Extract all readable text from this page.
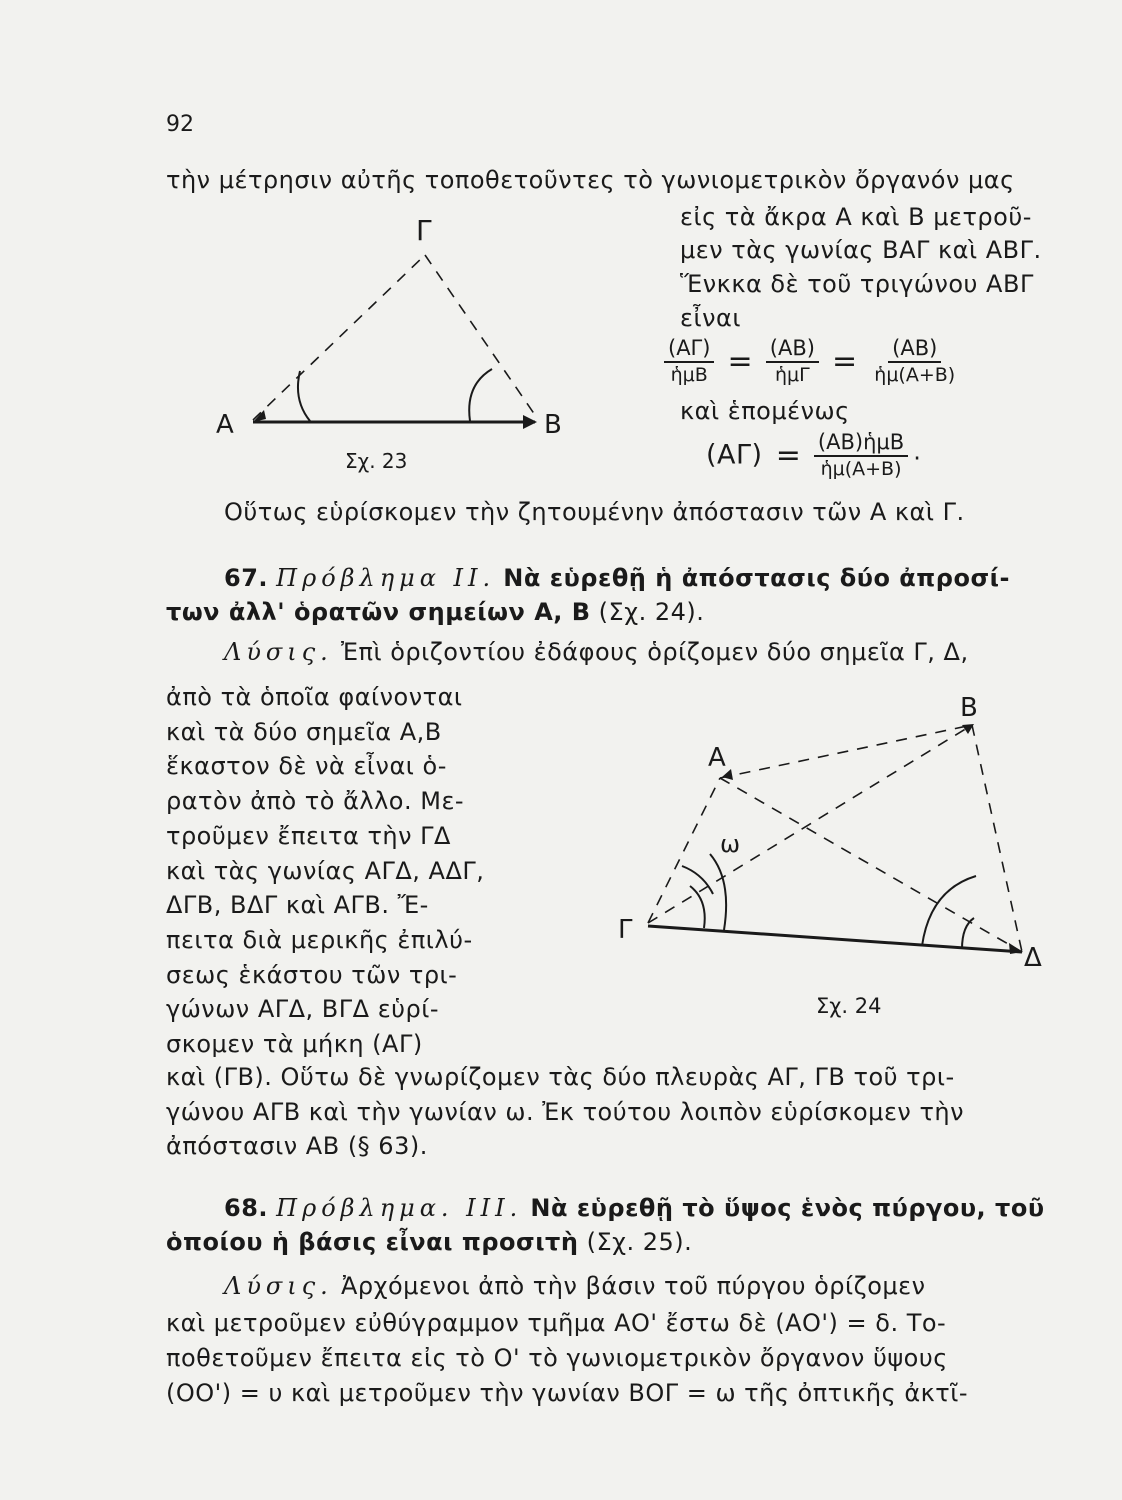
92
τὴν μέτρησιν αὐτῆς τοποθετοῦντες τὸ γωνιομετρικὸν ὄργανόν μας
εἰς τὰ ἄκρα Α καὶ Β μετροῦ-
μεν τὰς γωνίας ΒΑΓ καὶ ΑΒΓ.
Ἕνκκα δὲ τοῦ τριγώνου ΑΒΓ
εἶναι
$\frac{(A\Gamma)}{\text{ἡμΒ}} = \frac{(AB)}{\text{ἡμΓ}} = \frac{(AB)}{\text{ἡμ(Α+Β)}}$
καὶ ἑπομένως
$(A\Gamma) = \frac{\text{(ΑΒ)ἡμΒ}}{\text{ἡμ(Α+Β)}}$ .
Γ
Α	Β
Σχ. 23
Οὕτως εὑρίσκομεν τὴν ζητουμένην ἀπόστασιν τῶν Α καὶ Γ.
67. Πρόβλημα ΙΙ. Νὰ εὑρεθῇ ἡ ἀπόστασις δύο ἀπροσί-
των ἀλλ' ὁρατῶν σημείων Α, Β (Σχ. 24).
Λύσις. Ἐπὶ ὁριζοντίου ἐδάφους ὁρίζομεν δύο σημεῖα Γ, Δ,
ἀπὸ τὰ ὁποῖα φαίνονται
καὶ τὰ δύο σημεῖα Α,Β
ἕκαστον δὲ νὰ εἶναι ὁ-
ρατὸν ἀπὸ τὸ ἄλλο. Με-
τροῦμεν ἔπειτα τὴν ΓΔ
καὶ τὰς γωνίας ΑΓΔ, ΑΔΓ,
ΔΓΒ, ΒΔΓ καὶ ΑΓΒ. Ἔ-
πειτα διὰ μερικῆς ἐπιλύ-
σεως ἑκάστου τῶν τρι-
γώνων ΑΓΔ, ΒΓΔ εὑρί-
σκομεν τὰ μήκη (ΑΓ)
Β
Α
Γ
Δ
ω
Σχ. 24
καὶ (ΓΒ). Οὕτω δὲ γνωρίζομεν τὰς δύο πλευρὰς ΑΓ, ΓΒ τοῦ τρι-
γώνου ΑΓΒ καὶ τὴν γωνίαν ω. Ἐκ τούτου λοιπὸν εὑρίσκομεν τὴν
ἀπόστασιν ΑΒ (§ 63).
68. Πρόβλημα. ΙΙΙ. Νὰ εὑρεθῇ τὸ ὕψος ἑνὸς πύργου, τοῦ
ὁποίου ἡ βάσις εἶναι προσιτὴ (Σχ. 25).
Λύσις. Ἀρχόμενοι ἀπὸ τὴν βάσιν τοῦ πύργου ὁρίζομεν
καὶ μετροῦμεν εὐθύγραμμον τμῆμα ΑΟ' ἔστω δὲ (ΑΟ') = δ. Το-
ποθετοῦμεν ἔπειτα εἰς τὸ Ο' τὸ γωνιομετρικὸν ὄργανον ὕψους
(ΟΟ') = υ καὶ μετροῦμεν τὴν γωνίαν ΒΟΓ = ω τῆς ὀπτικῆς ἀκτῖ-
